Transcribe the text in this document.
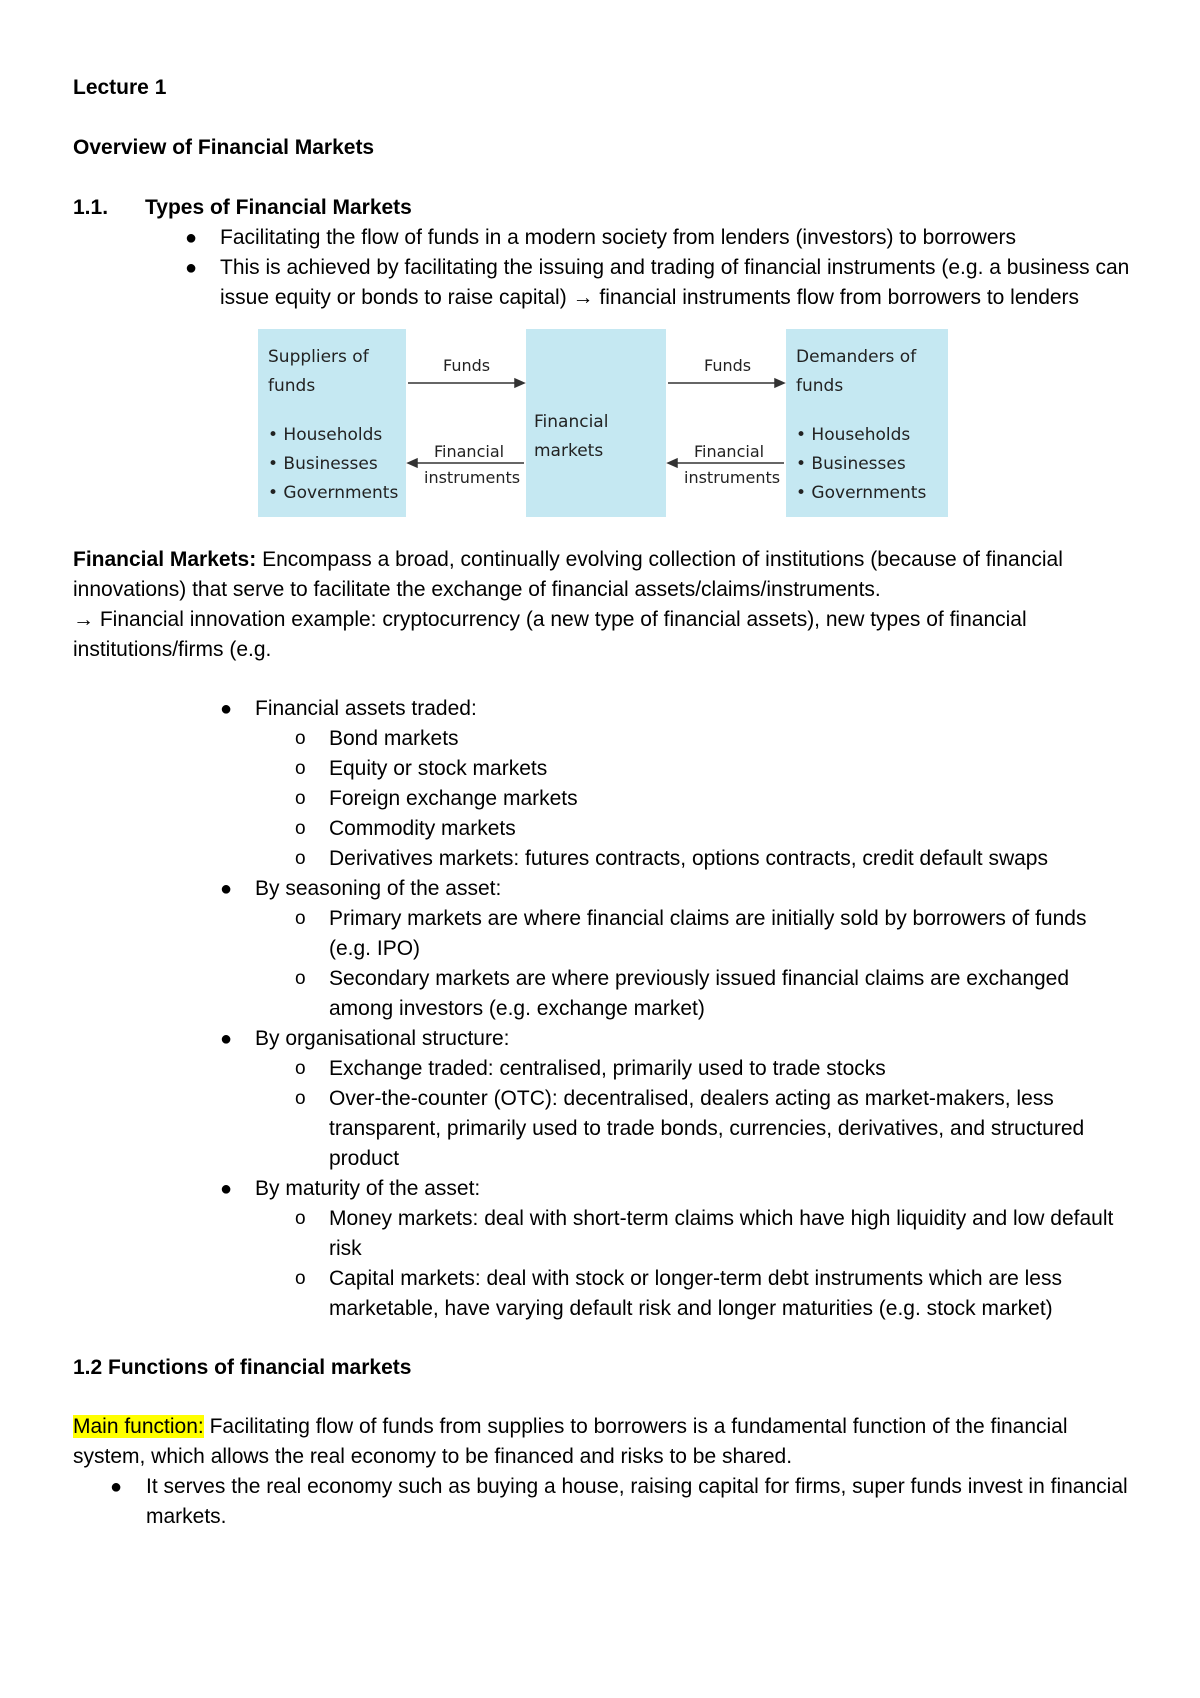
Lecture 1

Overview of Financial Markets

1.1. Types of Financial Markets

● Facilitating the flow of funds in a modern society from lenders (investors) to borrowers
● This is achieved by facilitating the issuing and trading of financial instruments (e.g. a business can issue equity or bonds to raise capital) → financial instruments flow from borrowers to lenders
Suppliers of funds
• Households
• Businesses
• Governments
Financial markets
Demanders of funds
• Households
• Businesses
• Governments
Funds	Funds
Financial
instruments
Financial
instruments

Financial Markets: Encompass a broad, continually evolving collection of institutions (because of financial innovations) that serve to facilitate the exchange of financial assets/claims/instruments.

→ Financial innovation example: cryptocurrency (a new type of financial assets), new types of financial institutions/firms (e.g.

● Financial assets traded:
o Bond markets
o Equity or stock markets
o Foreign exchange markets
o Commodity markets
o Derivatives markets: futures contracts, options contracts, credit default swaps
● By seasoning of the asset:
o Primary markets are where financial claims are initially sold by borrowers of funds (e.g. IPO)
o Secondary markets are where previously issued financial claims are exchanged among investors (e.g. exchange market)
● By organisational structure:
o Exchange traded: centralised, primarily used to trade stocks
o Over-the-counter (OTC): decentralised, dealers acting as market-makers, less transparent, primarily used to trade bonds, currencies, derivatives, and structured product
● By maturity of the asset:
o Money markets: deal with short-term claims which have high liquidity and low default risk
o Capital markets: deal with stock or longer-term debt instruments which are less marketable, have varying default risk and longer maturities (e.g. stock market)

1.2 Functions of financial markets

Main function: Facilitating flow of funds from supplies to borrowers is a fundamental function of the financial system, which allows the real economy to be financed and risks to be shared.

● It serves the real economy such as buying a house, raising capital for firms, super funds invest in financial markets.
